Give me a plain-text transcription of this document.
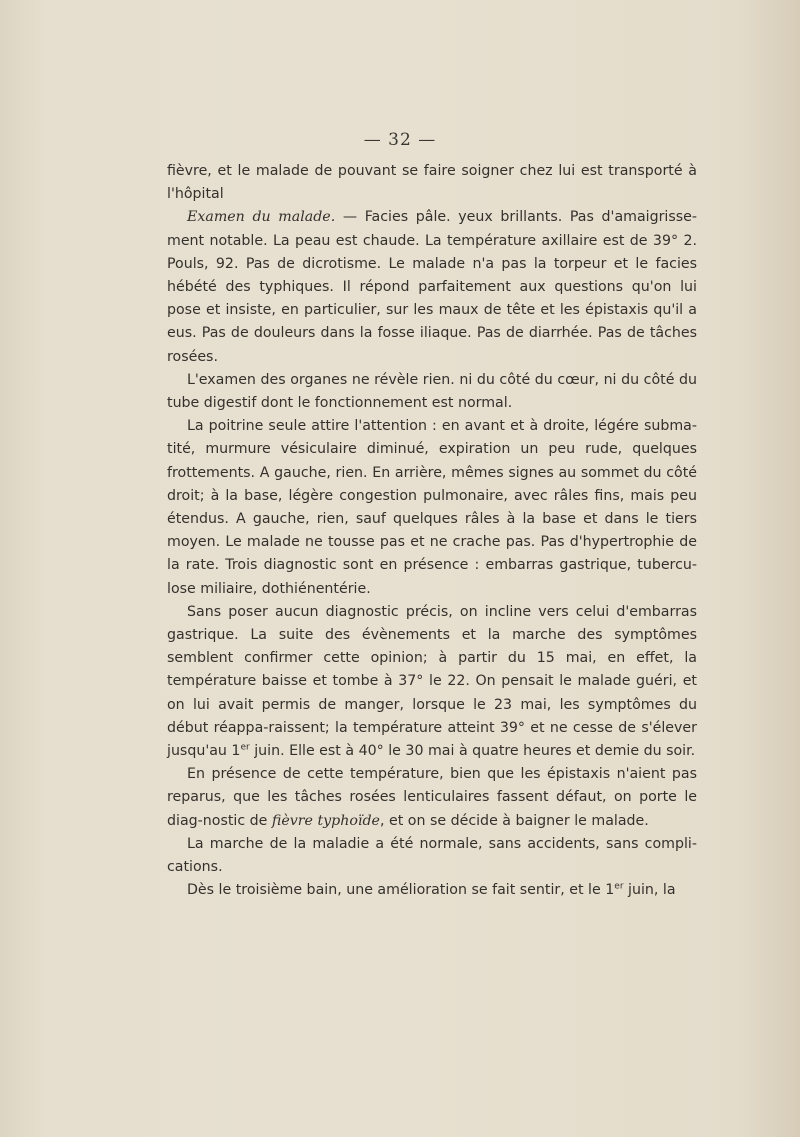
— 32 —

fièvre, et le malade de pouvant se faire soigner chez lui est transporté à l'hôpital

Examen du malade. — Facies pâle. yeux brillants. Pas d'amaigrisse-ment notable. La peau est chaude. La température axillaire est de 39° 2. Pouls, 92. Pas de dicrotisme. Le malade n'a pas la torpeur et le facies hébété des typhiques. Il répond parfaitement aux questions qu'on lui pose et insiste, en particulier, sur les maux de tête et les épistaxis qu'il a eus. Pas de douleurs dans la fosse iliaque. Pas de diarrhée. Pas de tâches rosées.

L'examen des organes ne révèle rien. ni du côté du cœur, ni du côté du tube digestif dont le fonctionnement est normal.

La poitrine seule attire l'attention : en avant et à droite, légére subma-tité, murmure vésiculaire diminué, expiration un peu rude, quelques frottements. A gauche, rien. En arrière, mêmes signes au sommet du côté droit; à la base, légère congestion pulmonaire, avec râles fins, mais peu étendus. A gauche, rien, sauf quelques râles à la base et dans le tiers moyen. Le malade ne tousse pas et ne crache pas. Pas d'hypertrophie de la rate. Trois diagnostic sont en présence : embarras gastrique, tubercu-lose miliaire, dothiénentérie.

Sans poser aucun diagnostic précis, on incline vers celui d'embarras gastrique. La suite des évènements et la marche des symptômes semblent confirmer cette opinion; à partir du 15 mai, en effet, la température baisse et tombe à 37° le 22. On pensait le malade guéri, et on lui avait permis de manger, lorsque le 23 mai, les symptômes du début réappa-raissent; la température atteint 39° et ne cesse de s'élever jusqu'au 1er juin. Elle est à 40° le 30 mai à quatre heures et demie du soir.

En présence de cette température, bien que les épistaxis n'aient pas reparus, que les tâches rosées lenticulaires fassent défaut, on porte le diag-nostic de fièvre typhoïde, et on se décide à baigner le malade.

La marche de la maladie a été normale, sans accidents, sans compli-cations.

Dès le troisième bain, une amélioration se fait sentir, et le 1er juin, la
